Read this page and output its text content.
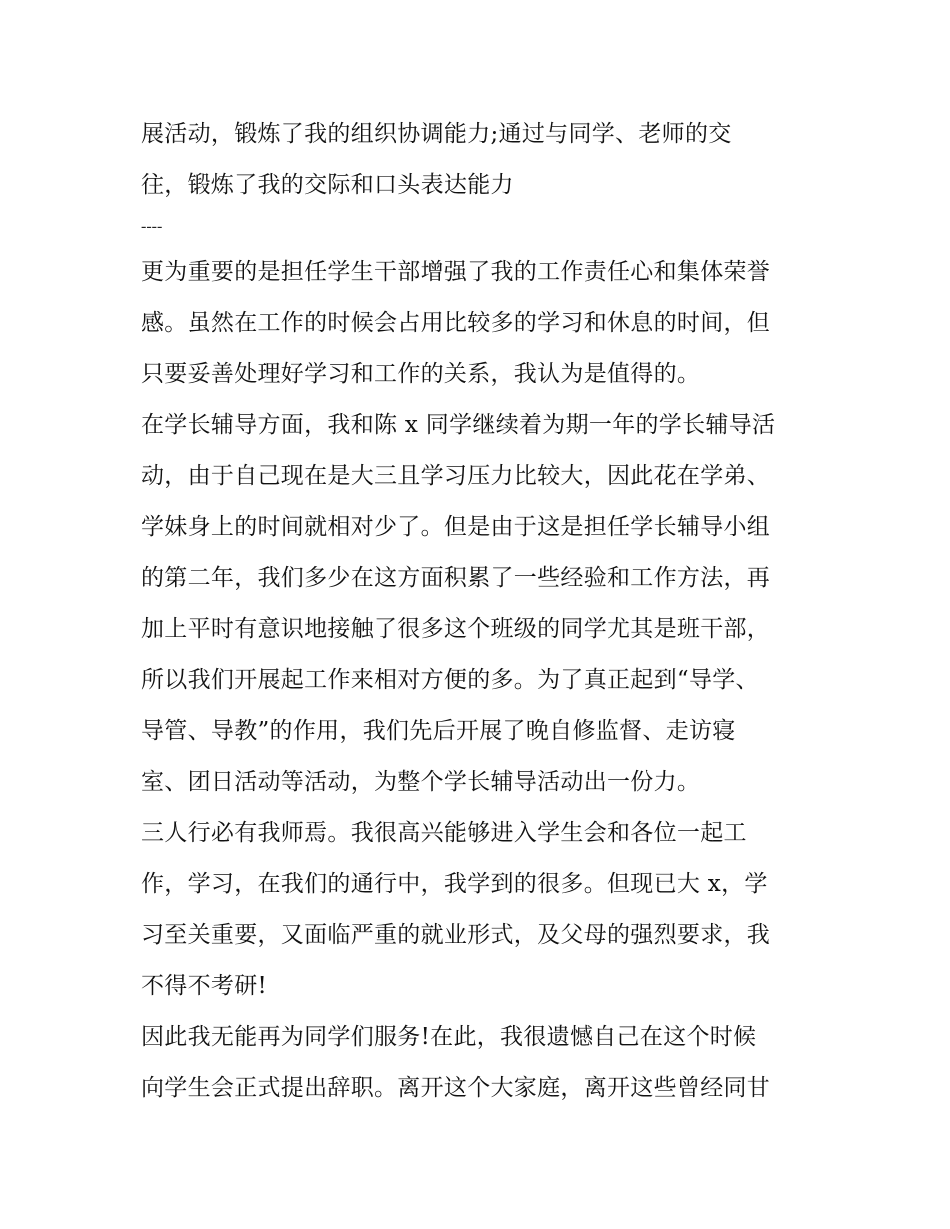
展活动，锻炼了我的组织协调能力;通过与同学、老师的交
往，锻炼了我的交际和口头表达能力
----
更为重要的是担任学生干部增强了我的工作责任心和集体荣誉
感。虽然在工作的时候会占用比较多的学习和休息的时间，但
只要妥善处理好学习和工作的关系，我认为是值得的。
在学长辅导方面，我和陈 x 同学继续着为期一年的学长辅导活
动，由于自己现在是大三且学习压力比较大，因此花在学弟、
学妹身上的时间就相对少了。但是由于这是担任学长辅导小组
的第二年，我们多少在这方面积累了一些经验和工作方法，再
加上平时有意识地接触了很多这个班级的同学尤其是班干部，
所以我们开展起工作来相对方便的多。为了真正起到“导学、
导管、导教”的作用，我们先后开展了晚自修监督、走访寝
室、团日活动等活动，为整个学长辅导活动出一份力。
三人行必有我师焉。我很高兴能够进入学生会和各位一起工
作，学习，在我们的通行中，我学到的很多。但现已大 x，学
习至关重要，又面临严重的就业形式，及父母的强烈要求，我
不得不考研!
因此我无能再为同学们服务!在此，我很遗憾自己在这个时候
向学生会正式提出辞职。离开这个大家庭，离开这些曾经同甘
